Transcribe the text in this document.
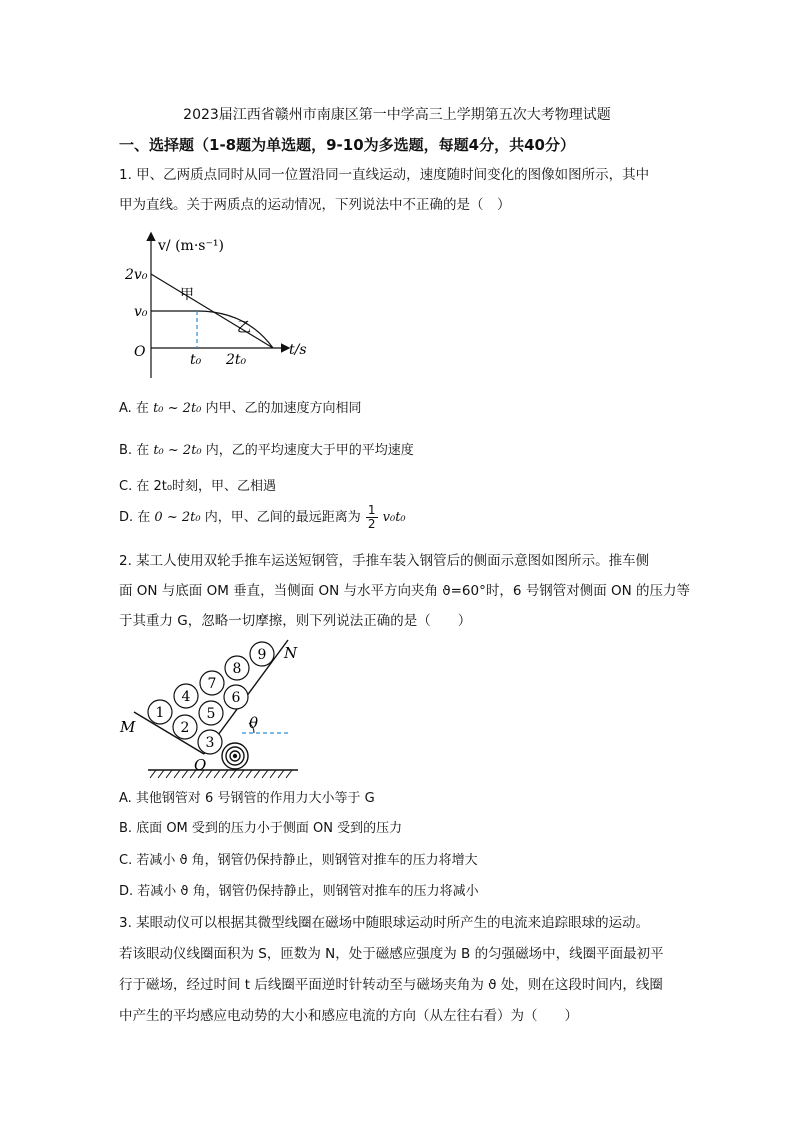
2023届江西省赣州市南康区第一中学高三上学期第五次大考物理试题
一、选择题（1-8题为单选题，9-10为多选题，每题4分，共40分）
1. 甲、乙两质点同时从同一位置沿同一直线运动，速度随时间变化的图像如图所示，其中
甲为直线。关于两质点的运动情况，下列说法中不正确的是（　）
v/ (m·s⁻¹)
t/s
O
2v₀
v₀
t₀ 2t₀
甲
乙
A. 在 t₀ ~ 2t₀ 内甲、乙的加速度方向相同
B. 在 t₀ ~ 2t₀ 内，乙的平均速度大于甲的平均速度
C. 在 2t₀时刻，甲、乙相遇
D. 在 0 ~ 2t₀ 内，甲、乙间的最远距离为 $\frac{1}{2} v_0t_0$
2. 某工人使用双轮手推车运送短钢管，手推车装入钢管后的侧面示意图如图所示。推车侧
面 ON 与底面 OM 垂直，当侧面 ON 与水平方向夹角 ϑ=60°时，6 号钢管对侧面 ON 的压力等
于其重力 G，忽略一切摩擦，则下列说法正确的是（　　）
1
2
3
4
5
6
7
8
9
M
N
O
θ
A. 其他钢管对 6 号钢管的作用力大小等于 G
B. 底面 OM 受到的压力小于侧面 ON 受到的压力
C. 若减小 ϑ 角，钢管仍保持静止，则钢管对推车的压力将增大
D. 若减小 ϑ 角，钢管仍保持静止，则钢管对推车的压力将减小
3. 某眼动仪可以根据其微型线圈在磁场中随眼球运动时所产生的电流来追踪眼球的运动。
若该眼动仪线圈面积为 S，匝数为 N，处于磁感应强度为 B 的匀强磁场中，线圈平面最初平
行于磁场，经过时间 t 后线圈平面逆时针转动至与磁场夹角为 ϑ 处，则在这段时间内，线圈
中产生的平均感应电动势的大小和感应电流的方向（从左往右看）为（　　）
